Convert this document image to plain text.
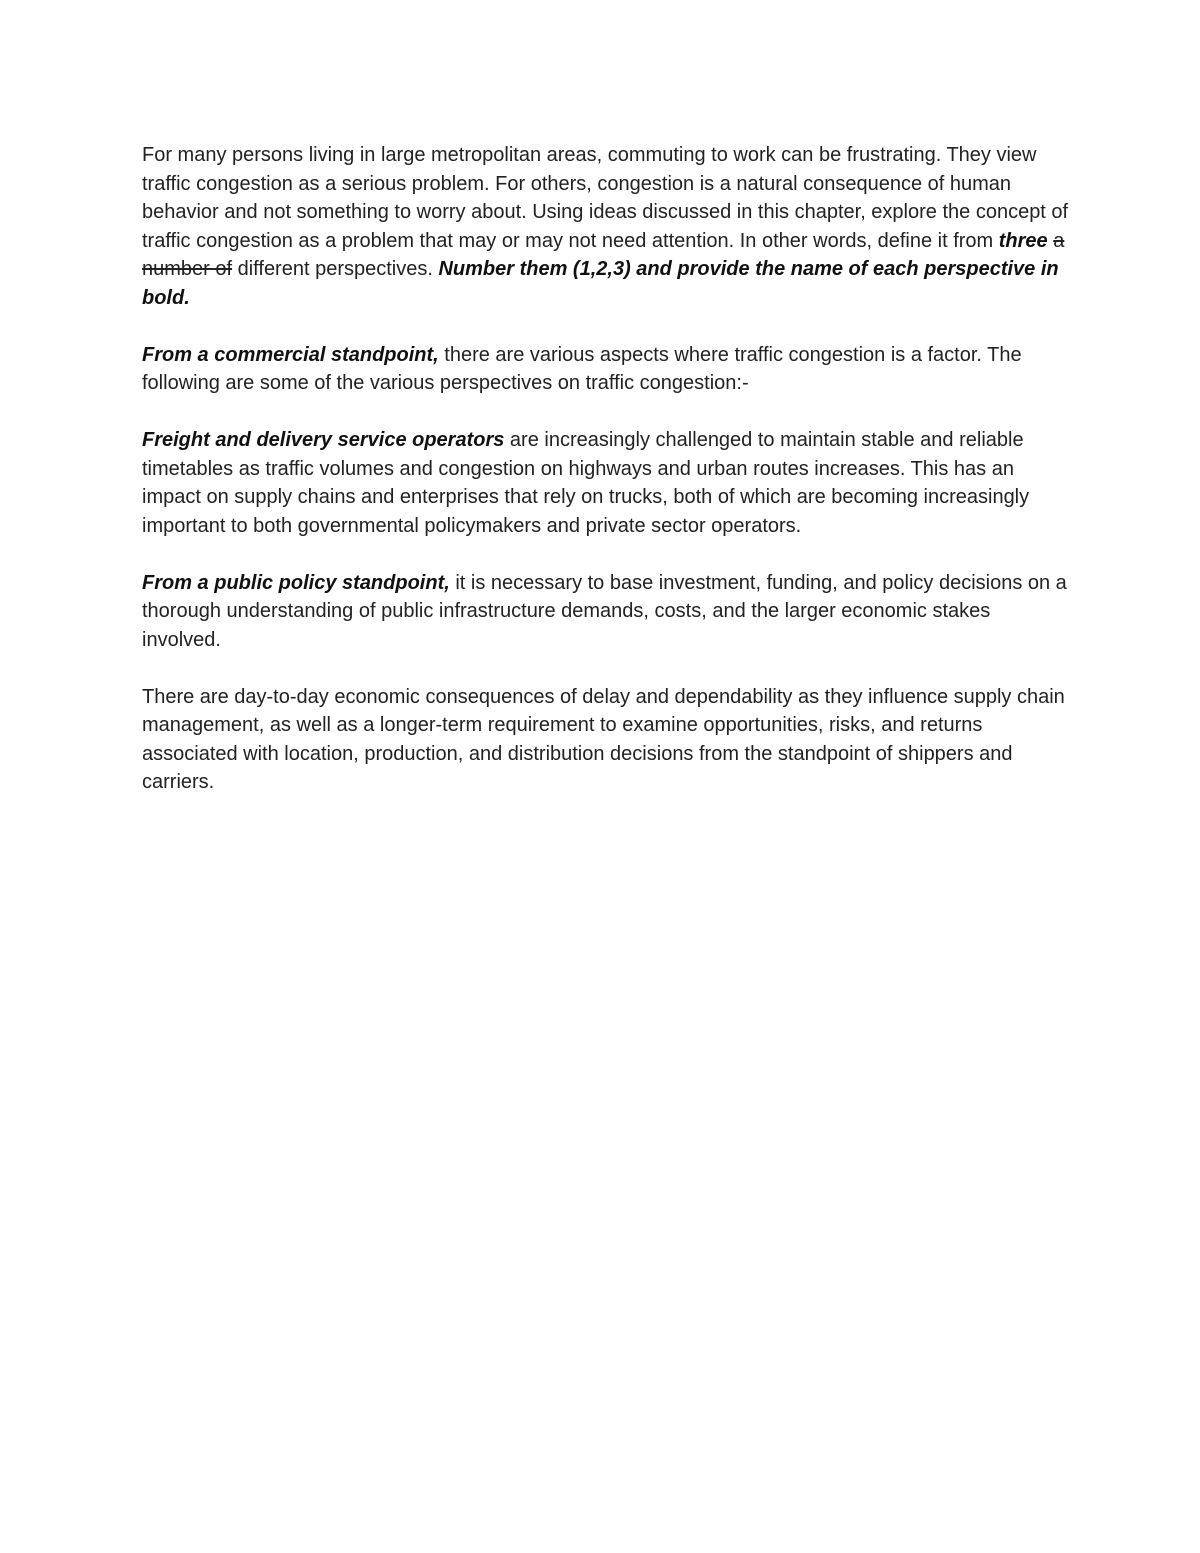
For many persons living in large metropolitan areas, commuting to work can be frustrating. They view traffic congestion as a serious problem. For others, congestion is a natural consequence of human behavior and not something to worry about. Using ideas discussed in this chapter, explore the concept of traffic congestion as a problem that may or may not need attention. In other words, define it from three a number of different perspectives. Number them (1,2,3) and provide the name of each perspective in bold.

From a commercial standpoint, there are various aspects where traffic congestion is a factor. The following are some of the various perspectives on traffic congestion:-

Freight and delivery service operators are increasingly challenged to maintain stable and reliable timetables as traffic volumes and congestion on highways and urban routes increases. This has an impact on supply chains and enterprises that rely on trucks, both of which are becoming increasingly important to both governmental policymakers and private sector operators.

From a public policy standpoint, it is necessary to base investment, funding, and policy decisions on a thorough understanding of public infrastructure demands, costs, and the larger economic stakes involved.

There are day-to-day economic consequences of delay and dependability as they influence supply chain management, as well as a longer-term requirement to examine opportunities, risks, and returns associated with location, production, and distribution decisions from the standpoint of shippers and carriers.
